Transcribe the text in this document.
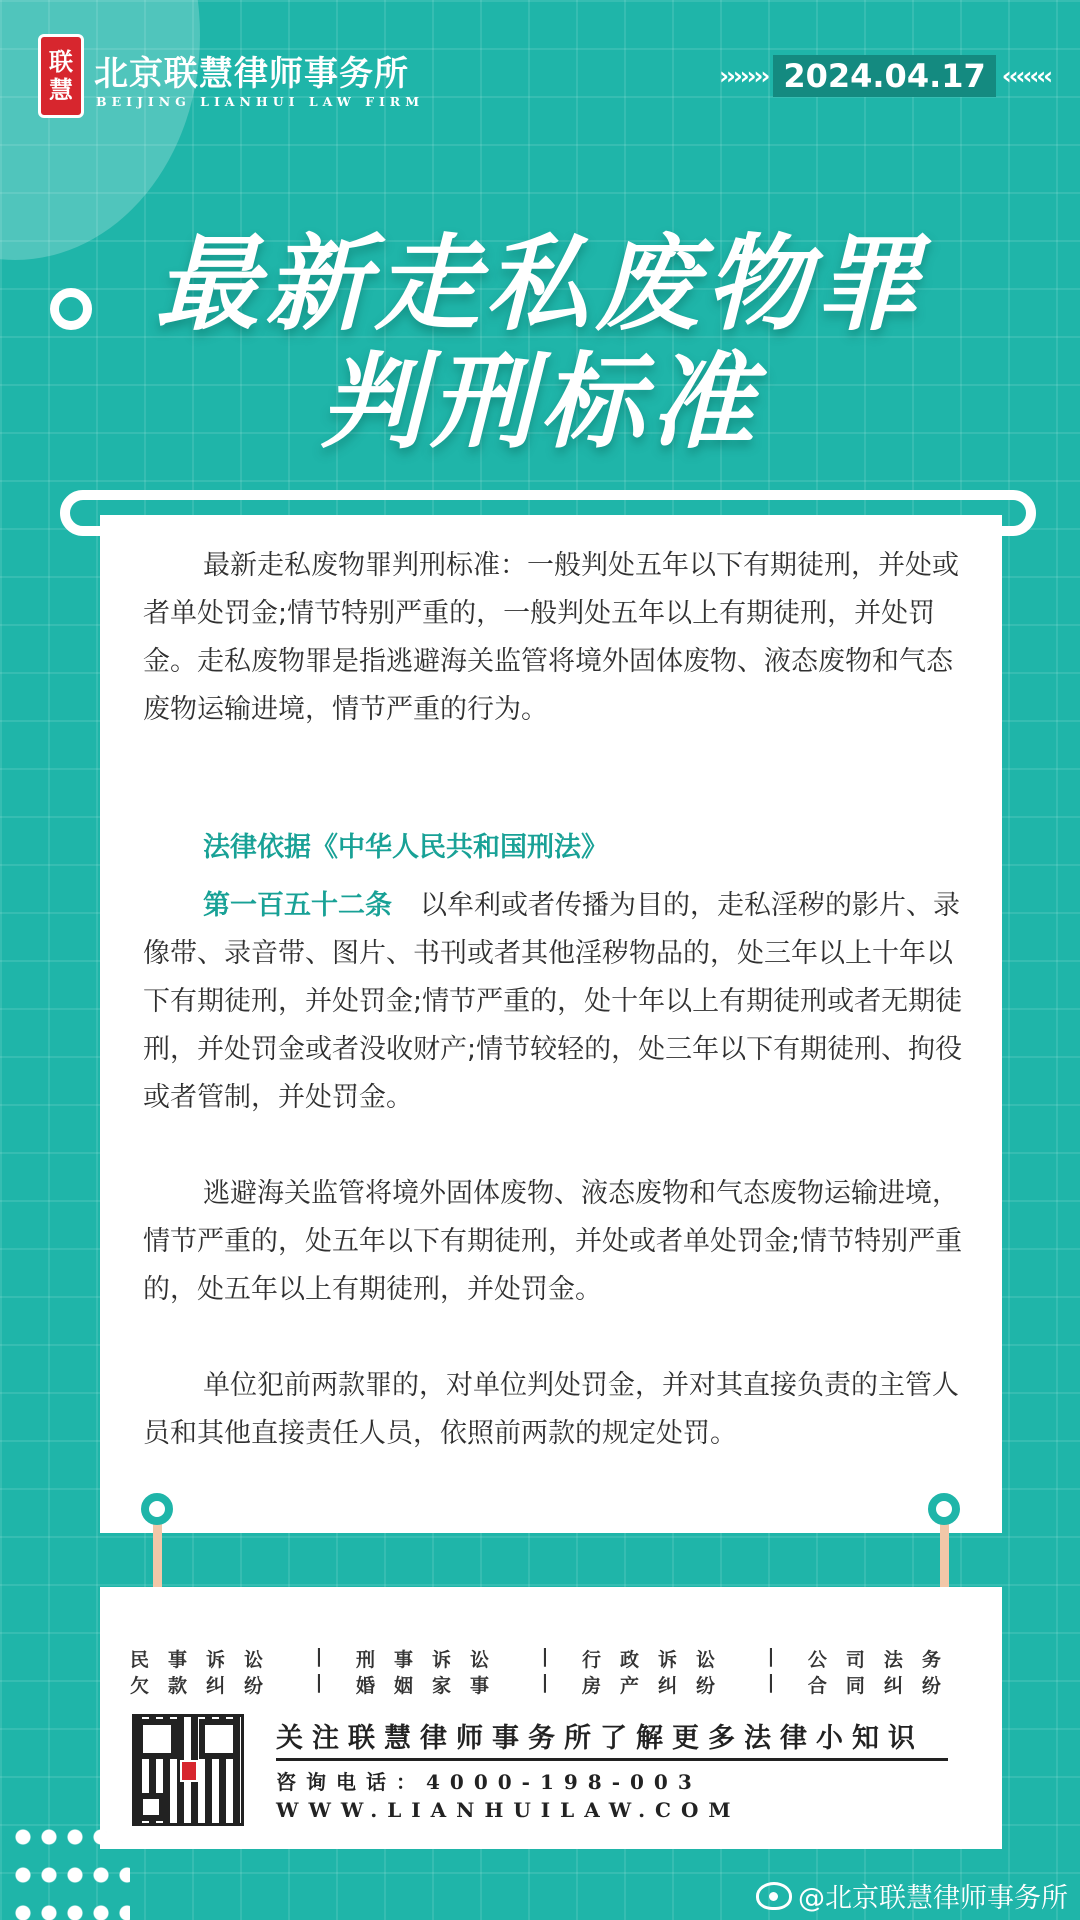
联
慧 北京联慧律师事务所
BEIJING LIANHUI LAW FIRM
››››››› 2024.04.17 ‹‹‹‹‹‹‹
最新走私废物罪
判刑标准
最新走私废物罪判刑标准：一般判处五年以下有期徒刑，并处或者单处罚金;情节特别严重的，一般判处五年以上有期徒刑，并处罚金。走私废物罪是指逃避海关监管将境外固体废物、液态废物和气态废物运输进境，情节严重的行为。
法律依据《中华人民共和国刑法》
第一百五十二条 以牟利或者传播为目的，走私淫秽的影片、录像带、录音带、图片、书刊或者其他淫秽物品的，处三年以上十年以下有期徒刑，并处罚金;情节严重的，处十年以上有期徒刑或者无期徒刑，并处罚金或者没收财产;情节较轻的，处三年以下有期徒刑、拘役或者管制，并处罚金。
逃避海关监管将境外固体废物、液态废物和气态废物运输进境，情节严重的，处五年以下有期徒刑，并处或者单处罚金;情节特别严重的，处五年以上有期徒刑，并处罚金。
单位犯前两款罪的，对单位判处罚金，并对其直接负责的主管人员和其他直接责任人员，依照前两款的规定处罚。
民事诉讼 | 刑事诉讼 | 行政诉讼 | 公司法务
欠款纠纷 | 婚姻家事 | 房产纠纷 | 合同纠纷
关注联慧律师事务所了解更多法律小知识
咨询电话：4000-198-003
WWW.LIANHUILAW.COM
@北京联慧律师事务所
